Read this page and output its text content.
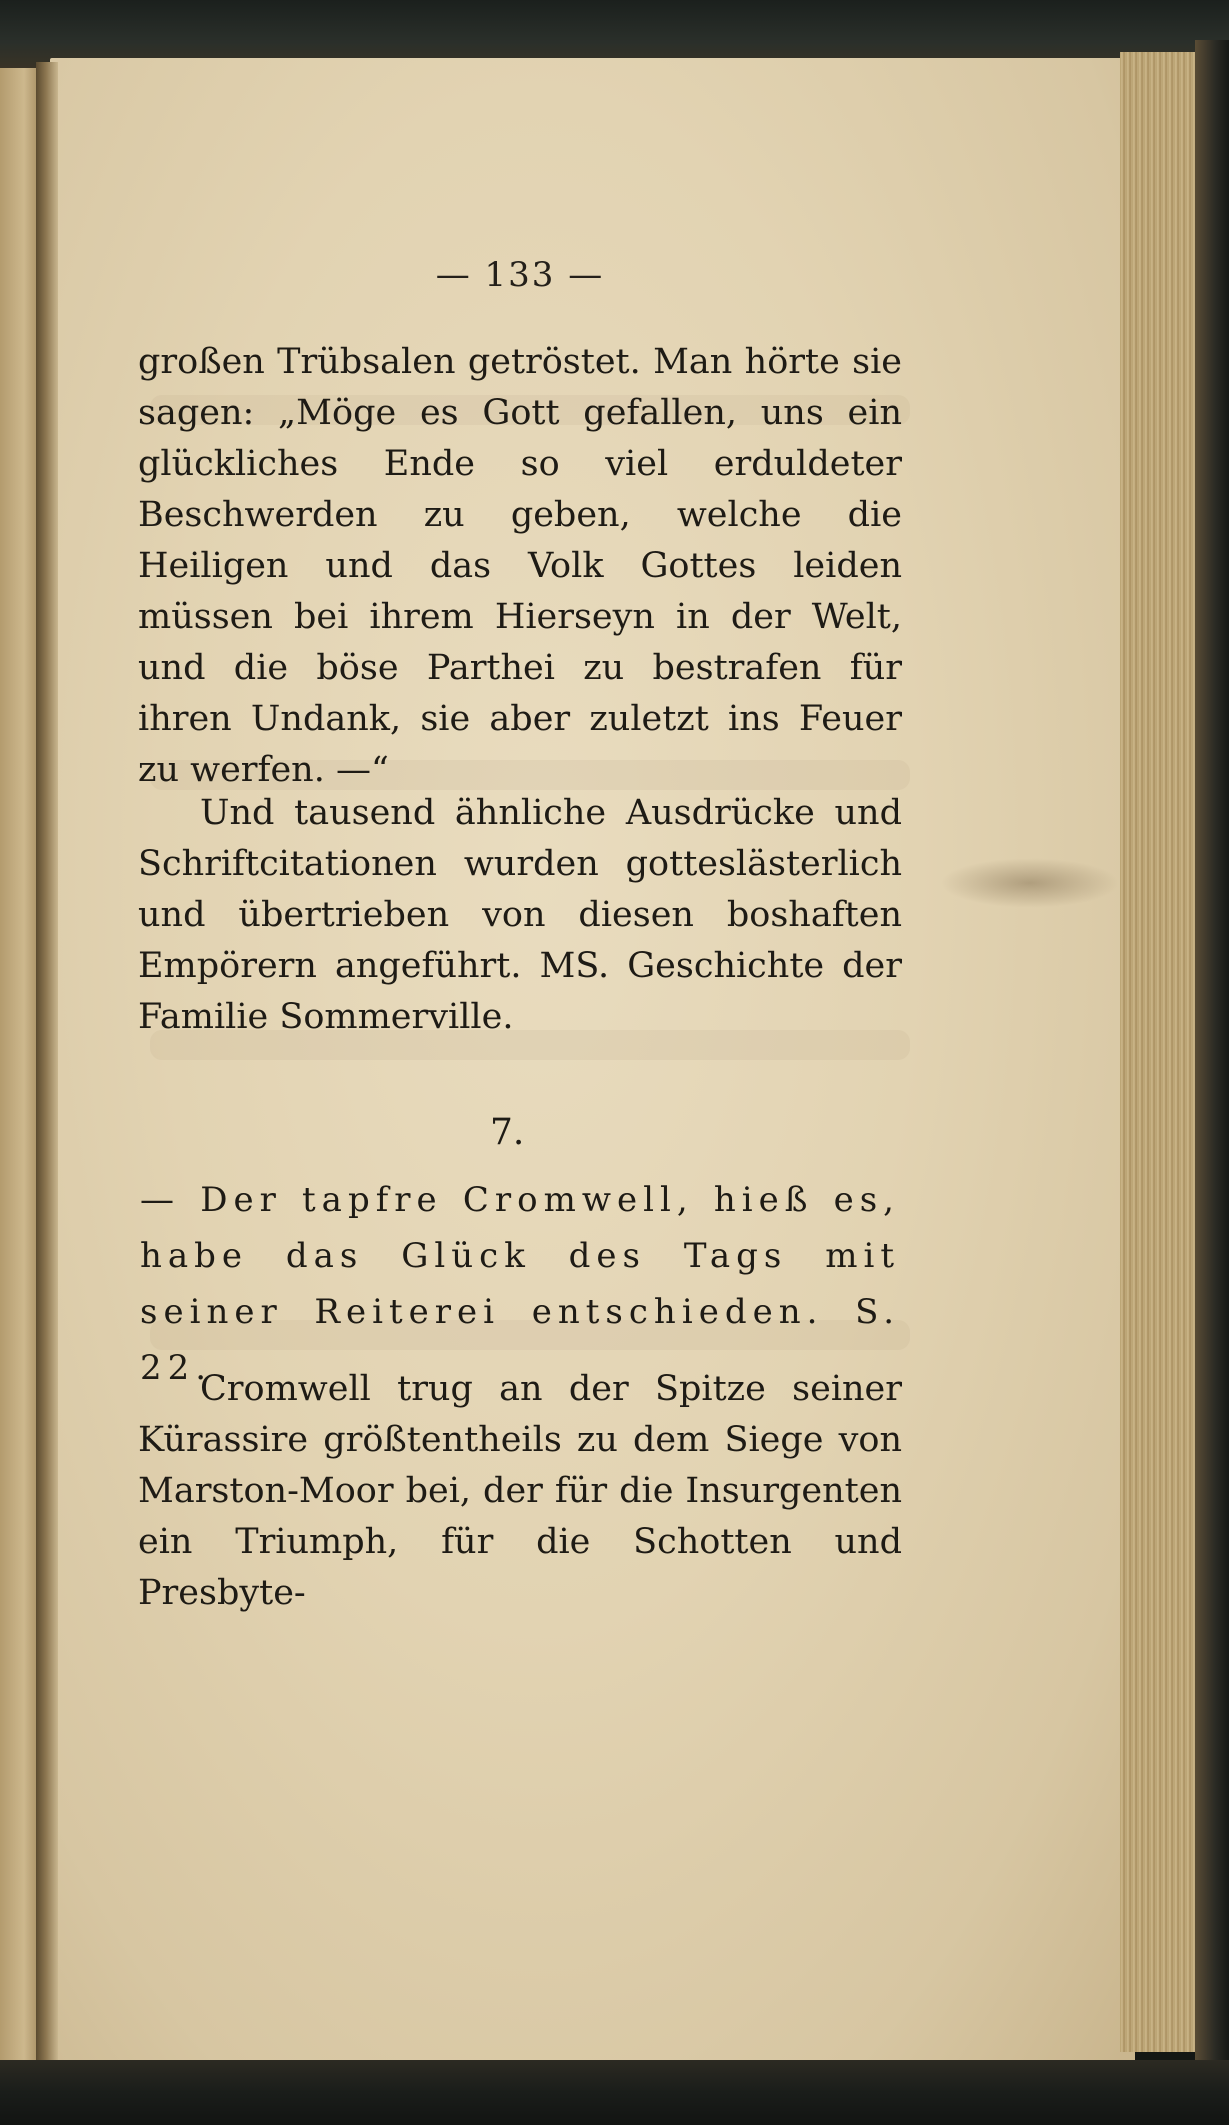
— 133 —
großen Trübsalen getröstet. Man hörte sie sagen: „Möge es Gott gefallen, uns ein glückliches Ende so viel erduldeter Beschwerden zu geben, welche die Heiligen und das Volk Gottes leiden müssen bei ihrem Hierseyn in der Welt, und die böse Parthei zu bestrafen für ihren Undank, sie aber zuletzt ins Feuer zu werfen. —“
Und tausend ähnliche Ausdrücke und Schriftcitationen wurden gotteslästerlich und übertrieben von diesen boshaften Empörern angeführt. MS. Geschichte der Familie Sommerville.
7.
— Der tapfre Cromwell, hieß es, habe das Glück des Tags mit seiner Reiterei entschieden. S. 22.
Cromwell trug an der Spitze seiner Kürassire größtentheils zu dem Siege von Marston-Moor bei, der für die Insurgenten ein Triumph, für die Schotten und Presbyte-
